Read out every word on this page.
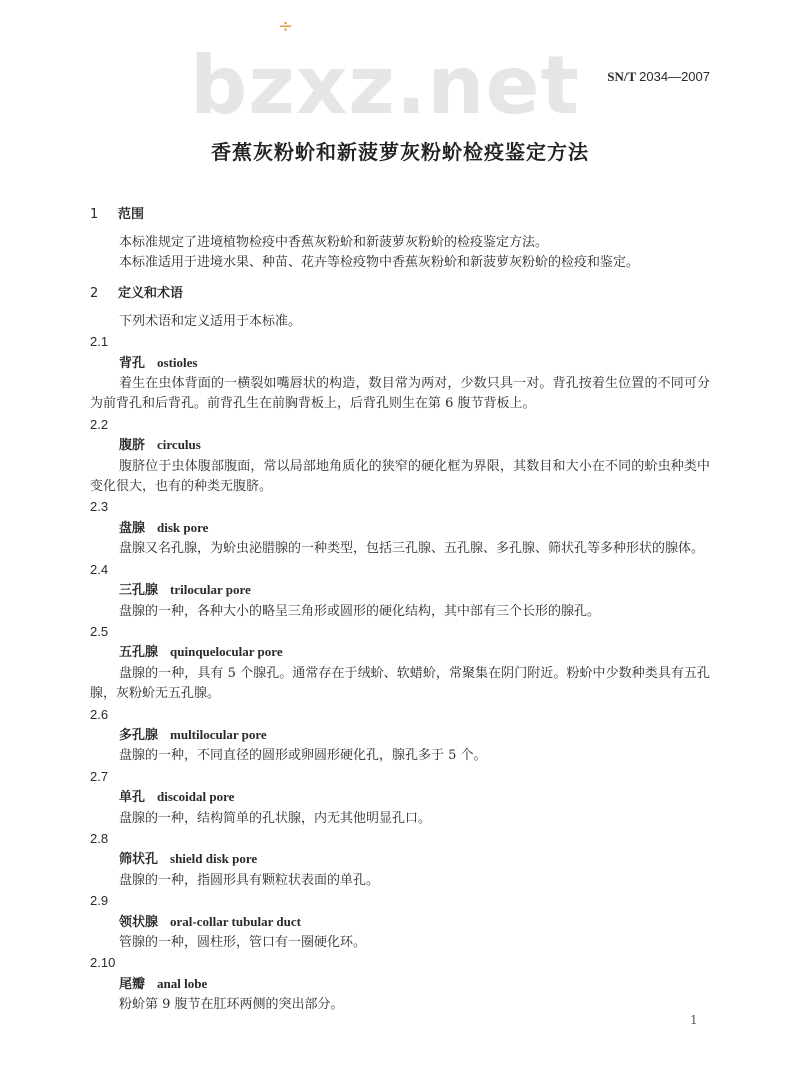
÷
SN/T 2034—2007
bzxz.net
香蕉灰粉蚧和新菠萝灰粉蚧检疫鉴定方法
1 范围

本标准规定了进境植物检疫中香蕉灰粉蚧和新菠萝灰粉蚧的检疫鉴定方法。

本标准适用于进境水果、种苗、花卉等检疫物中香蕉灰粉蚧和新菠萝灰粉蚧的检疫和鉴定。

2 定义和术语

下列术语和定义适用于本标准。

2.1

背孔 ostioles

着生在虫体背面的一横裂如嘴唇状的构造，数目常为两对，少数只具一对。背孔按着生位置的不同可分为前背孔和后背孔。前背孔生在前胸背板上，后背孔则生在第 6 腹节背板上。

2.2

腹脐 circulus

腹脐位于虫体腹部腹面，常以局部地角质化的狭窄的硬化框为界限，其数目和大小在不同的蚧虫种类中变化很大，也有的种类无腹脐。

2.3

盘腺 disk pore

盘腺又名孔腺，为蚧虫泌腊腺的一种类型，包括三孔腺、五孔腺、多孔腺、筛状孔等多种形状的腺体。

2.4

三孔腺 trilocular pore

盘腺的一种，各种大小的略呈三角形或圆形的硬化结构，其中部有三个长形的腺孔。

2.5

五孔腺 quinquelocular pore

盘腺的一种，具有 5 个腺孔。通常存在于绒蚧、软蜡蚧，常聚集在阴门附近。粉蚧中少数种类具有五孔腺，灰粉蚧无五孔腺。

2.6

多孔腺 multilocular pore

盘腺的一种，不同直径的圆形或卵圆形硬化孔，腺孔多于 5 个。

2.7

单孔 discoidal pore

盘腺的一种，结构简单的孔状腺，内无其他明显孔口。

2.8

筛状孔 shield disk pore

盘腺的一种，指圆形具有颗粒状表面的单孔。

2.9

领状腺 oral-collar tubular duct

管腺的一种，圆柱形，管口有一圈硬化环。

2.10

尾瓣 anal lobe

粉蚧第 9 腹节在肛环两侧的突出部分。

1
